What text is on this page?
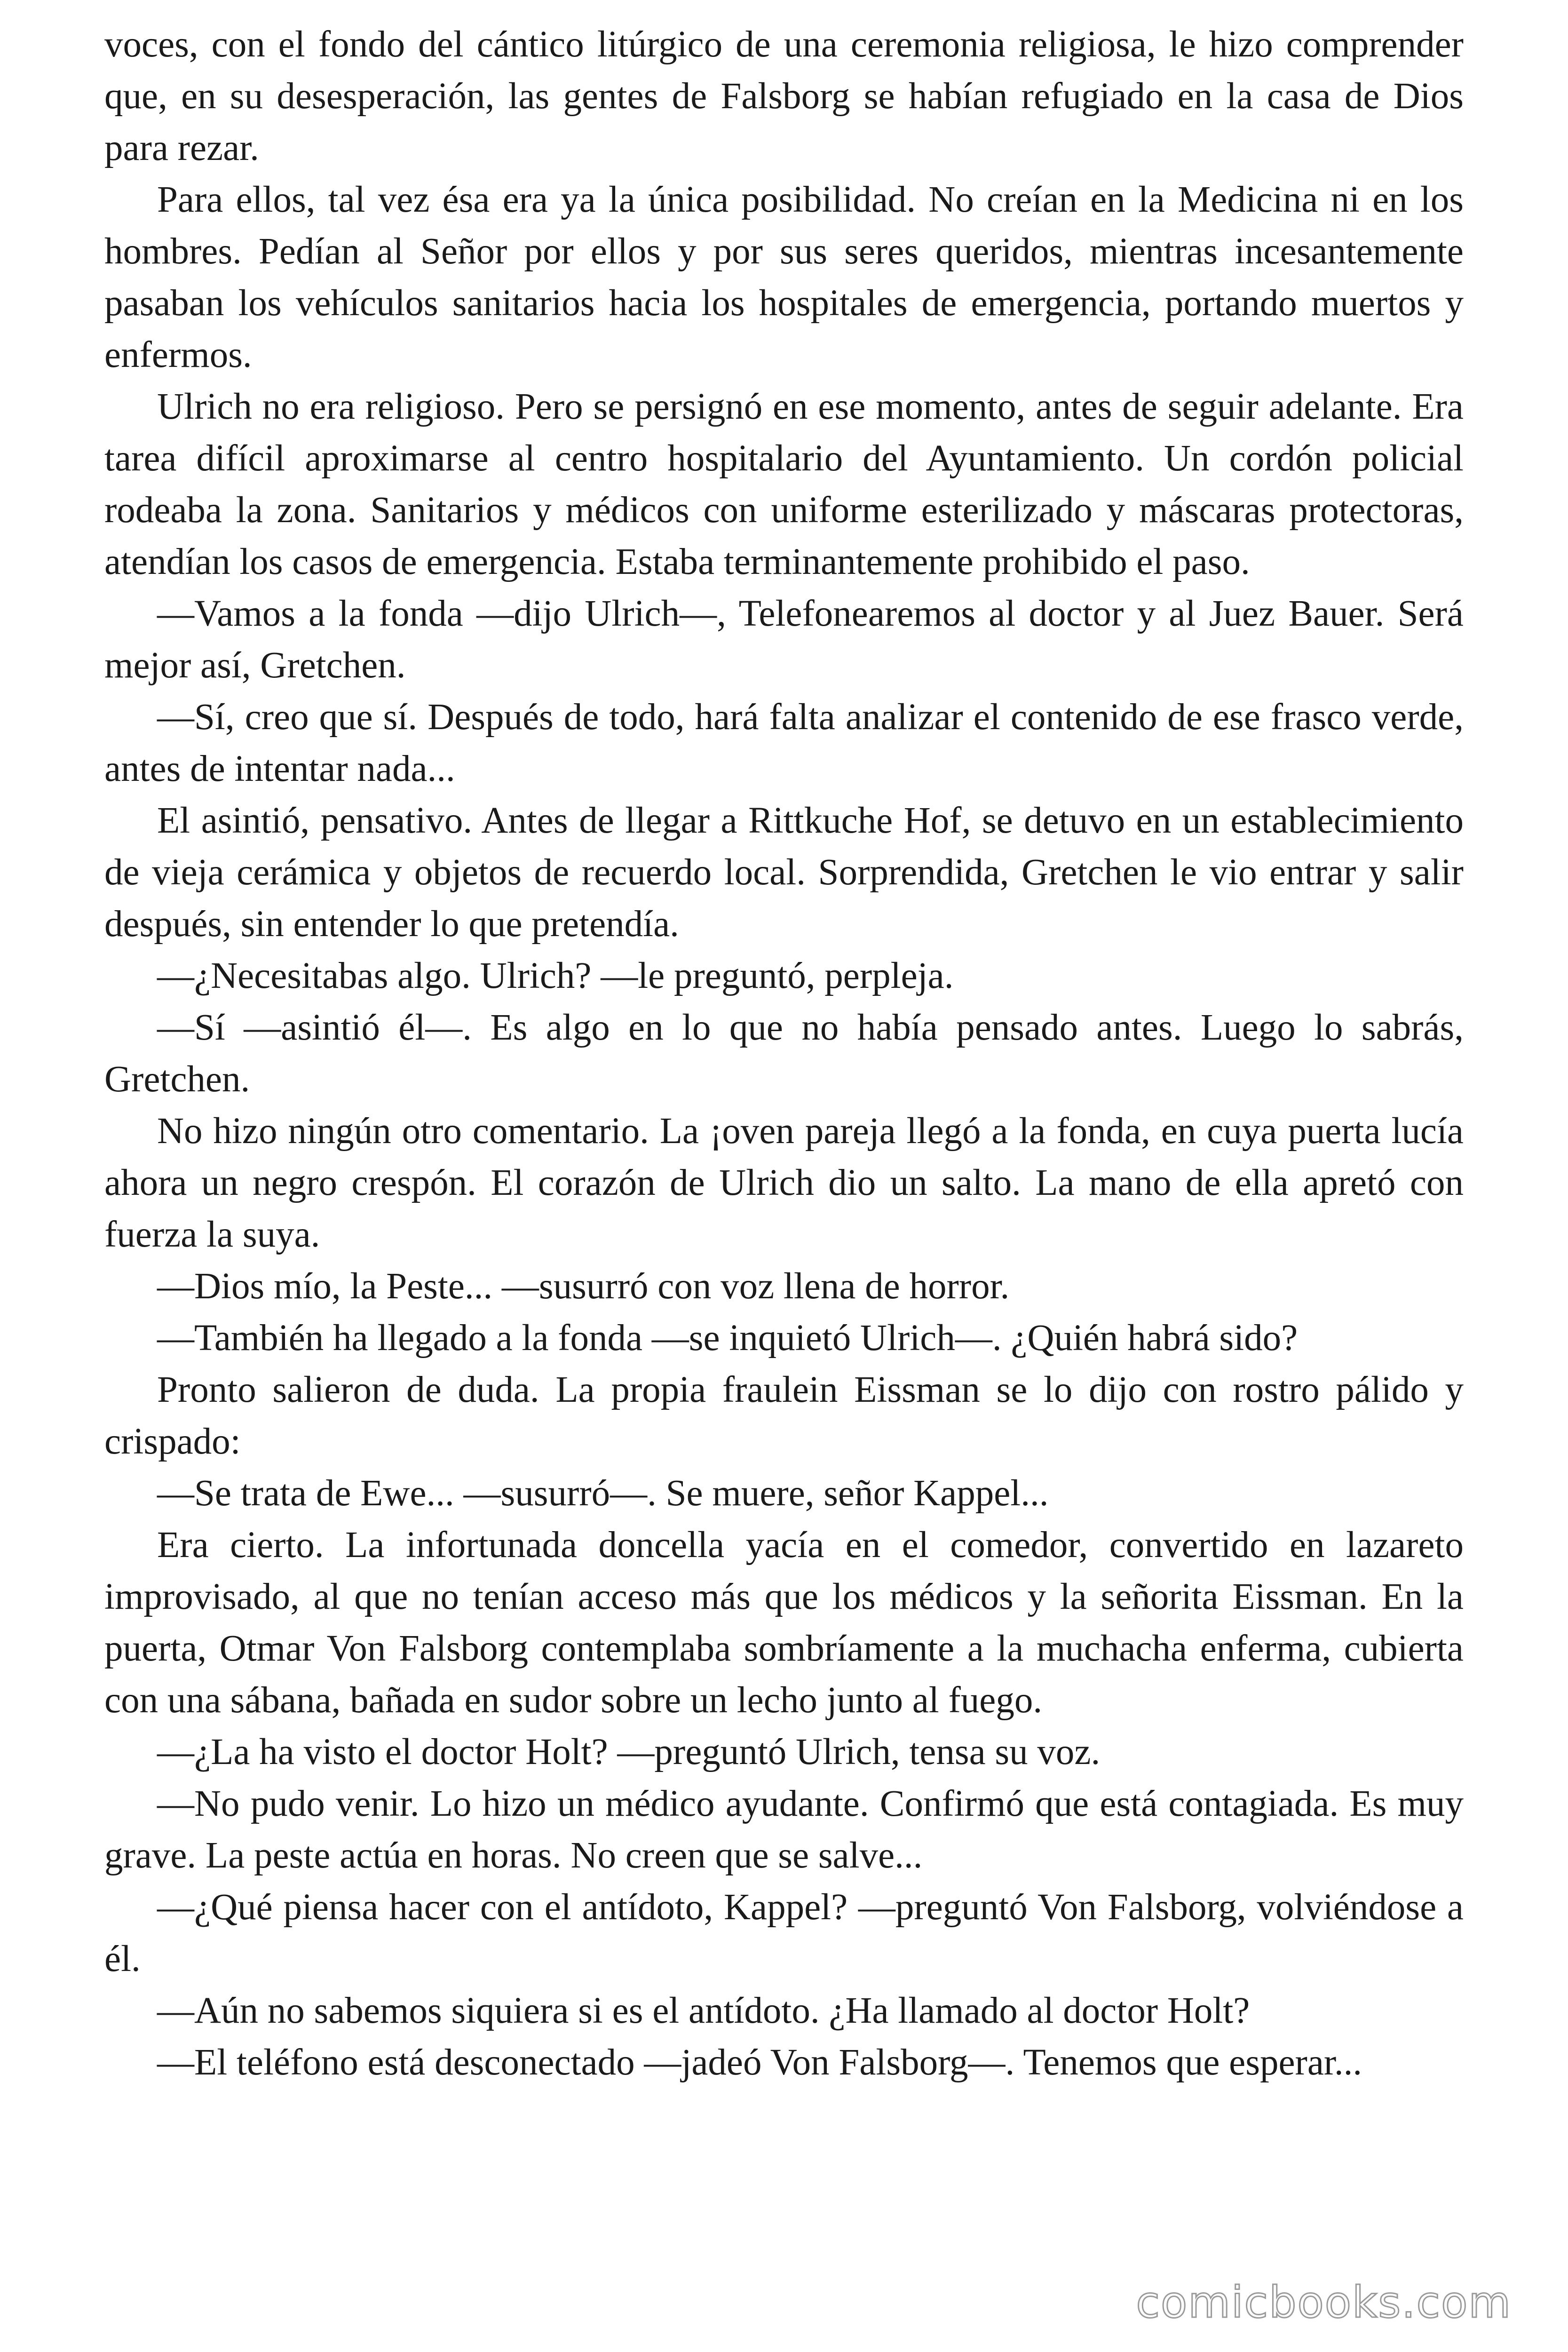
voces, con el fondo del cántico litúrgico de una ceremonia religiosa, le hizo comprender que, en su desesperación, las gentes de Falsborg se habían refugiado en la casa de Dios para rezar.

Para ellos, tal vez ésa era ya la única posibilidad. No creían en la Medicina ni en los hombres. Pedían al Señor por ellos y por sus seres queridos, mientras incesantemente pasaban los vehículos sanitarios hacia los hospitales de emergencia, portando muertos y enfermos.

Ulrich no era religioso. Pero se persignó en ese momento, antes de seguir adelante. Era tarea difícil aproximarse al centro hospitalario del Ayuntamiento. Un cordón policial rodeaba la zona. Sanitarios y médicos con uniforme esterilizado y máscaras protectoras, atendían los casos de emergencia. Estaba terminantemente prohibido el paso.

—Vamos a la fonda —dijo Ulrich—, Telefonearemos al doctor y al Juez Bauer. Será mejor así, Gretchen.

—Sí, creo que sí. Después de todo, hará falta analizar el contenido de ese frasco verde, antes de intentar nada...

El asintió, pensativo. Antes de llegar a Rittkuche Hof, se detuvo en un establecimiento de vieja cerámica y objetos de recuerdo local. Sorprendida, Gretchen le vio entrar y salir después, sin entender lo que pretendía.

—¿Necesitabas algo. Ulrich? —le preguntó, perpleja.

—Sí —asintió él—. Es algo en lo que no había pensado antes. Luego lo sabrás, Gretchen.

No hizo ningún otro comentario. La ¡oven pareja llegó a la fonda, en cuya puerta lucía ahora un negro crespón. El corazón de Ulrich dio un salto. La mano de ella apretó con fuerza la suya.

—Dios mío, la Peste... —susurró con voz llena de horror.

—También ha llegado a la fonda —se inquietó Ulrich—. ¿Quién habrá sido?

Pronto salieron de duda. La propia fraulein Eissman se lo dijo con rostro pálido y crispado:

—Se trata de Ewe... —susurró—. Se muere, señor Kappel...

Era cierto. La infortunada doncella yacía en el comedor, convertido en lazareto improvisado, al que no tenían acceso más que los médicos y la señorita Eissman. En la puerta, Otmar Von Falsborg contemplaba sombríamente a la muchacha enferma, cubierta con una sábana, bañada en sudor sobre un lecho junto al fuego.

—¿La ha visto el doctor Holt? —preguntó Ulrich, tensa su voz.

—No pudo venir. Lo hizo un médico ayudante. Confirmó que está contagiada. Es muy grave. La peste actúa en horas. No creen que se salve...

—¿Qué piensa hacer con el antídoto, Kappel? —preguntó Von Falsborg, volviéndose a él.

—Aún no sabemos siquiera si es el antídoto. ¿Ha llamado al doctor Holt?

—El teléfono está desconectado —jadeó Von Falsborg—. Tenemos que esperar...

comicbooks.com
